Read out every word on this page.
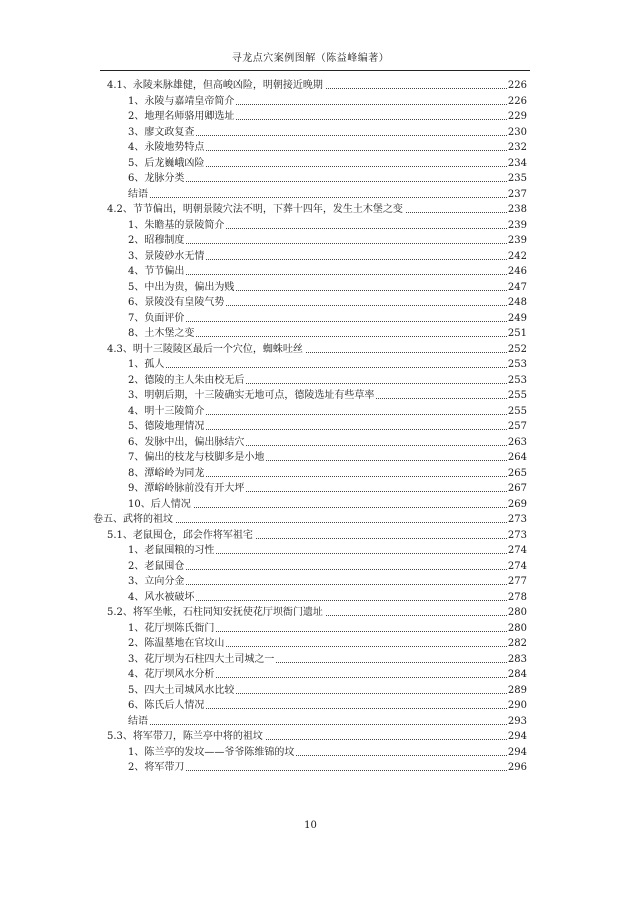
寻龙点穴案例图解（陈益峰编著）
4.1、永陵来脉雄健，但高峻凶险，明朝接近晚期	226
1、永陵与嘉靖皇帝简介	226
2、地理名师骆用卿选址	229
3、廖文政复查	230
4、永陵地势特点	232
5、后龙巍峨凶险	234
6、龙脉分类	235
结语	237
4.2、节节偏出，明朝景陵穴法不明，下葬十四年，发生土木堡之变	238
1、朱瞻基的景陵简介	239
2、昭穆制度	239
3、景陵砂水无情	242
4、节节偏出	246
5、中出为贵，偏出为贱	247
6、景陵没有皇陵气势	248
7、负面评价	249
8、土木堡之变	251
4.3、明十三陵陵区最后一个穴位，蜘蛛吐丝	252
1、孤人	253
2、德陵的主人朱由校无后	253
3、明朝后期，十三陵确实无地可点，德陵选址有些草率	255
4、明十三陵简介	255
5、德陵地理情况	257
6、发脉中出，偏出脉结穴	263
7、偏出的枝龙与枝脚多是小地	264
8、潭峪岭为同龙	265
9、潭峪岭脉前没有开大坪	267
10、后人情况	269
卷五、武将的祖坟	273
5.1、老鼠囤仓，邱会作将军祖宅	273
1、老鼠囤粮的习性	274
2、老鼠囤仓	274
3、立向分金	277
4、风水被破坏	278
5.2、将军坐帐，石柱同知安抚使花厅坝衙门遗址	280
1、花厅坝陈氏衙门	280
2、陈温墓地在官坟山	282
3、花厅坝为石柱四大土司城之一	283
4、花厅坝风水分析	284
5、四大土司城风水比较	289
6、陈氏后人情况	290
结语	293
5.3、将军带刀，陈兰亭中将的祖坟	294
1、陈兰亭的发坟——爷爷陈维锦的坟	294
2、将军带刀	296
10
